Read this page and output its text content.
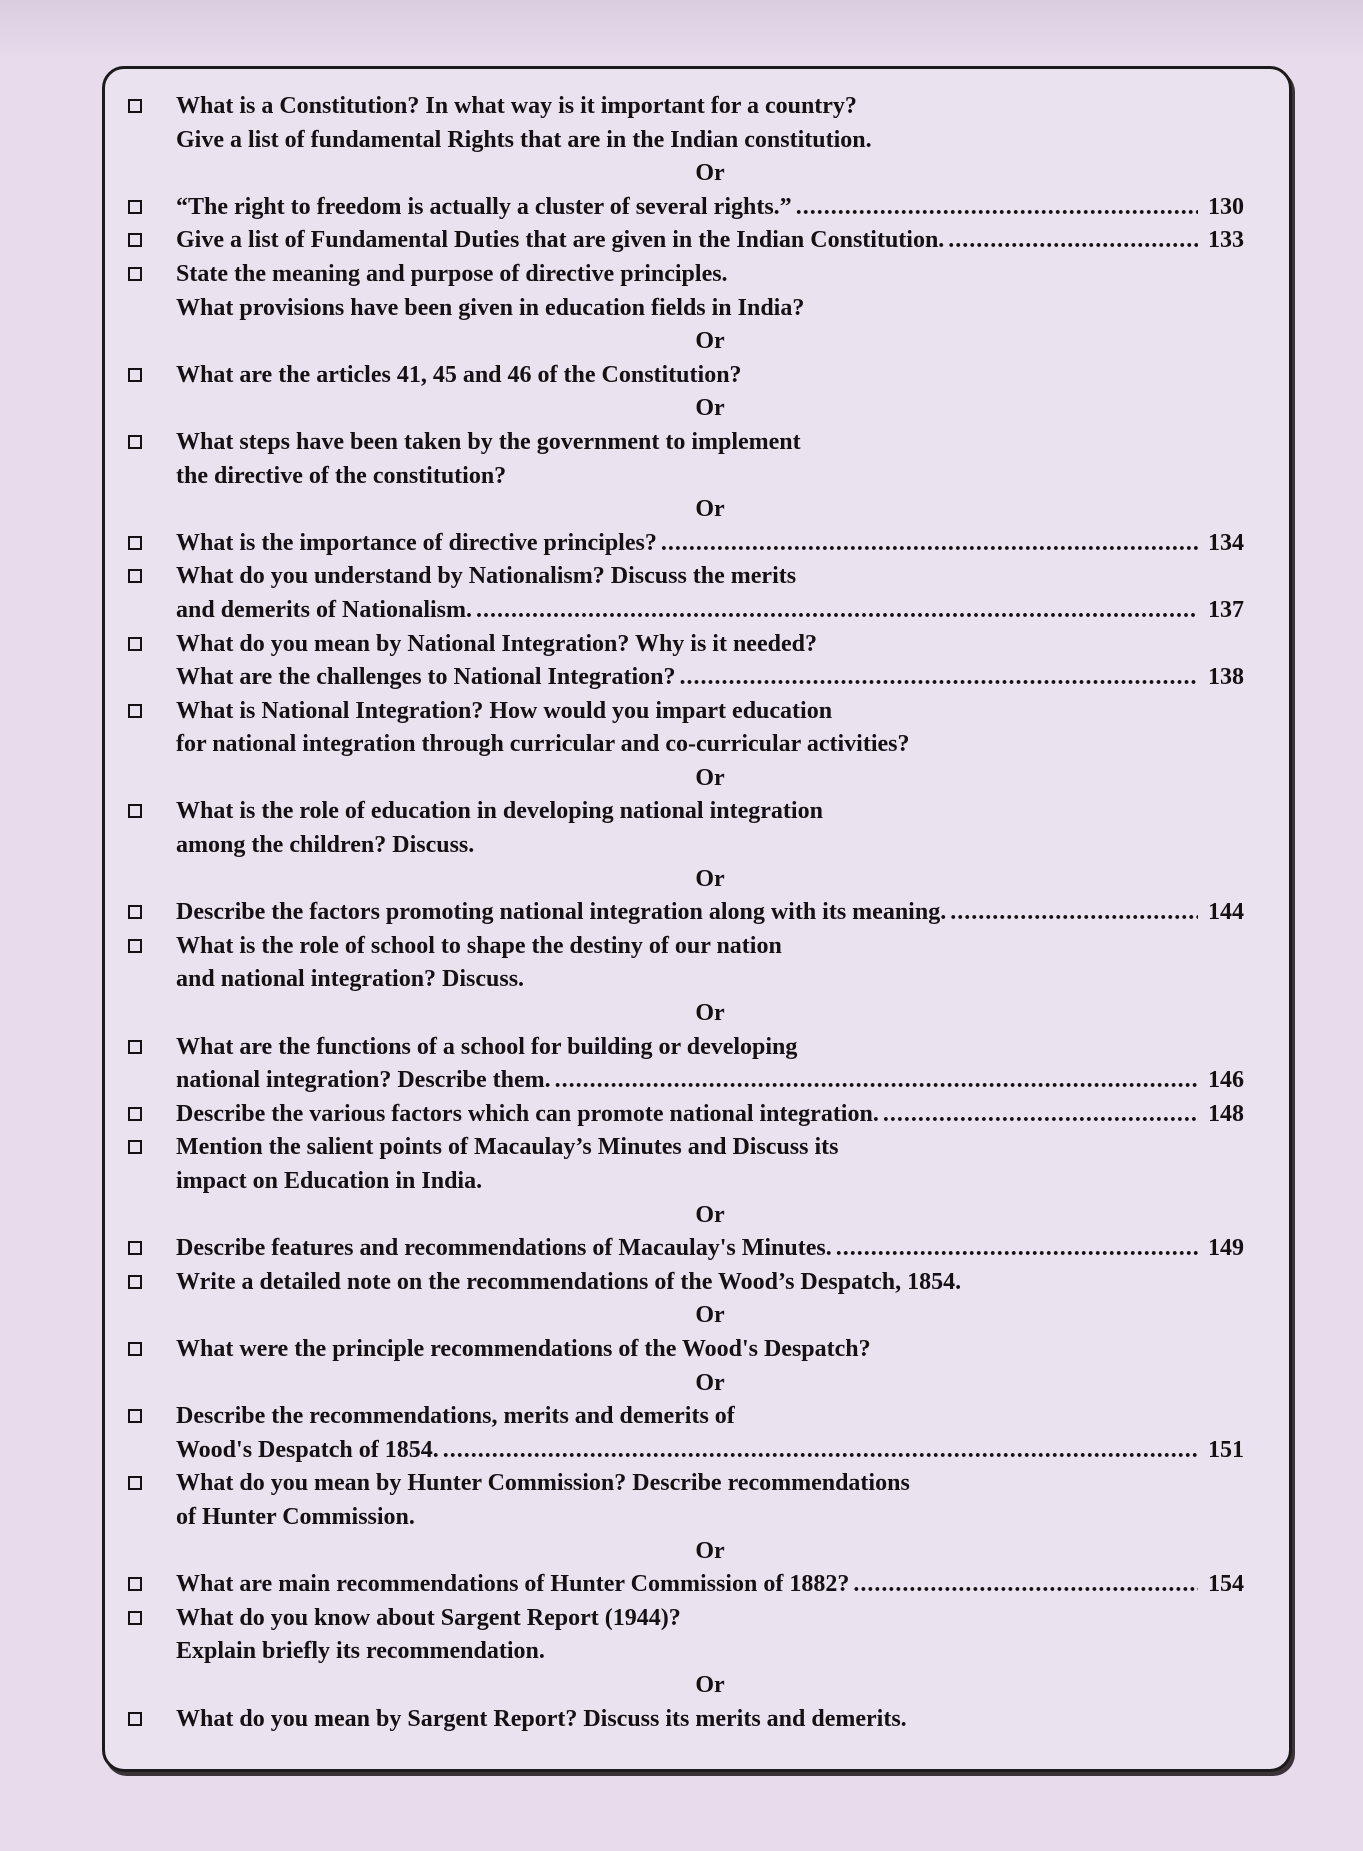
What is a Constitution? In what way is it important for a country?
Give a list of fundamental Rights that are in the Indian constitution.
Or
“The right to freedom is actually a cluster of several rights.” .....	130
Give a list of Fundamental Duties that are given in the Indian Constitution. .....	133
State the meaning and purpose of directive principles.
What provisions have been given in education fields in India?
Or
What are the articles 41, 45 and 46 of the Constitution?
Or
What steps have been taken by the government to implement
the directive of the constitution?
Or
What is the importance of directive principles? .....	134
What do you understand by Nationalism? Discuss the merits
and demerits of Nationalism. .....	137
What do you mean by National Integration? Why is it needed?
What are the challenges to National Integration? .....	138
What is National Integration? How would you impart education
for national integration through curricular and co-curricular activities?
Or
What is the role of education in developing national integration
among the children? Discuss.
Or
Describe the factors promoting national integration along with its meaning. .....	144
What is the role of school to shape the destiny of our nation
and national integration? Discuss.
Or
What are the functions of a school for building or developing
national integration? Describe them. .....	146
Describe the various factors which can promote national integration. .....	148
Mention the salient points of Macaulay’s Minutes and Discuss its
impact on Education in India.
Or
Describe features and recommendations of Macaulay's Minutes. .....	149
Write a detailed note on the recommendations of the Wood’s Despatch, 1854.
Or
What were the principle recommendations of the Wood's Despatch?
Or
Describe the recommendations, merits and demerits of
Wood's Despatch of 1854. .....	151
What do you mean by Hunter Commission? Describe recommendations
of Hunter Commission.
Or
What are main recommendations of Hunter Commission of 1882? .....	154
What do you know about Sargent Report (1944)?
Explain briefly its recommendation.
Or
What do you mean by Sargent Report? Discuss its merits and demerits.
